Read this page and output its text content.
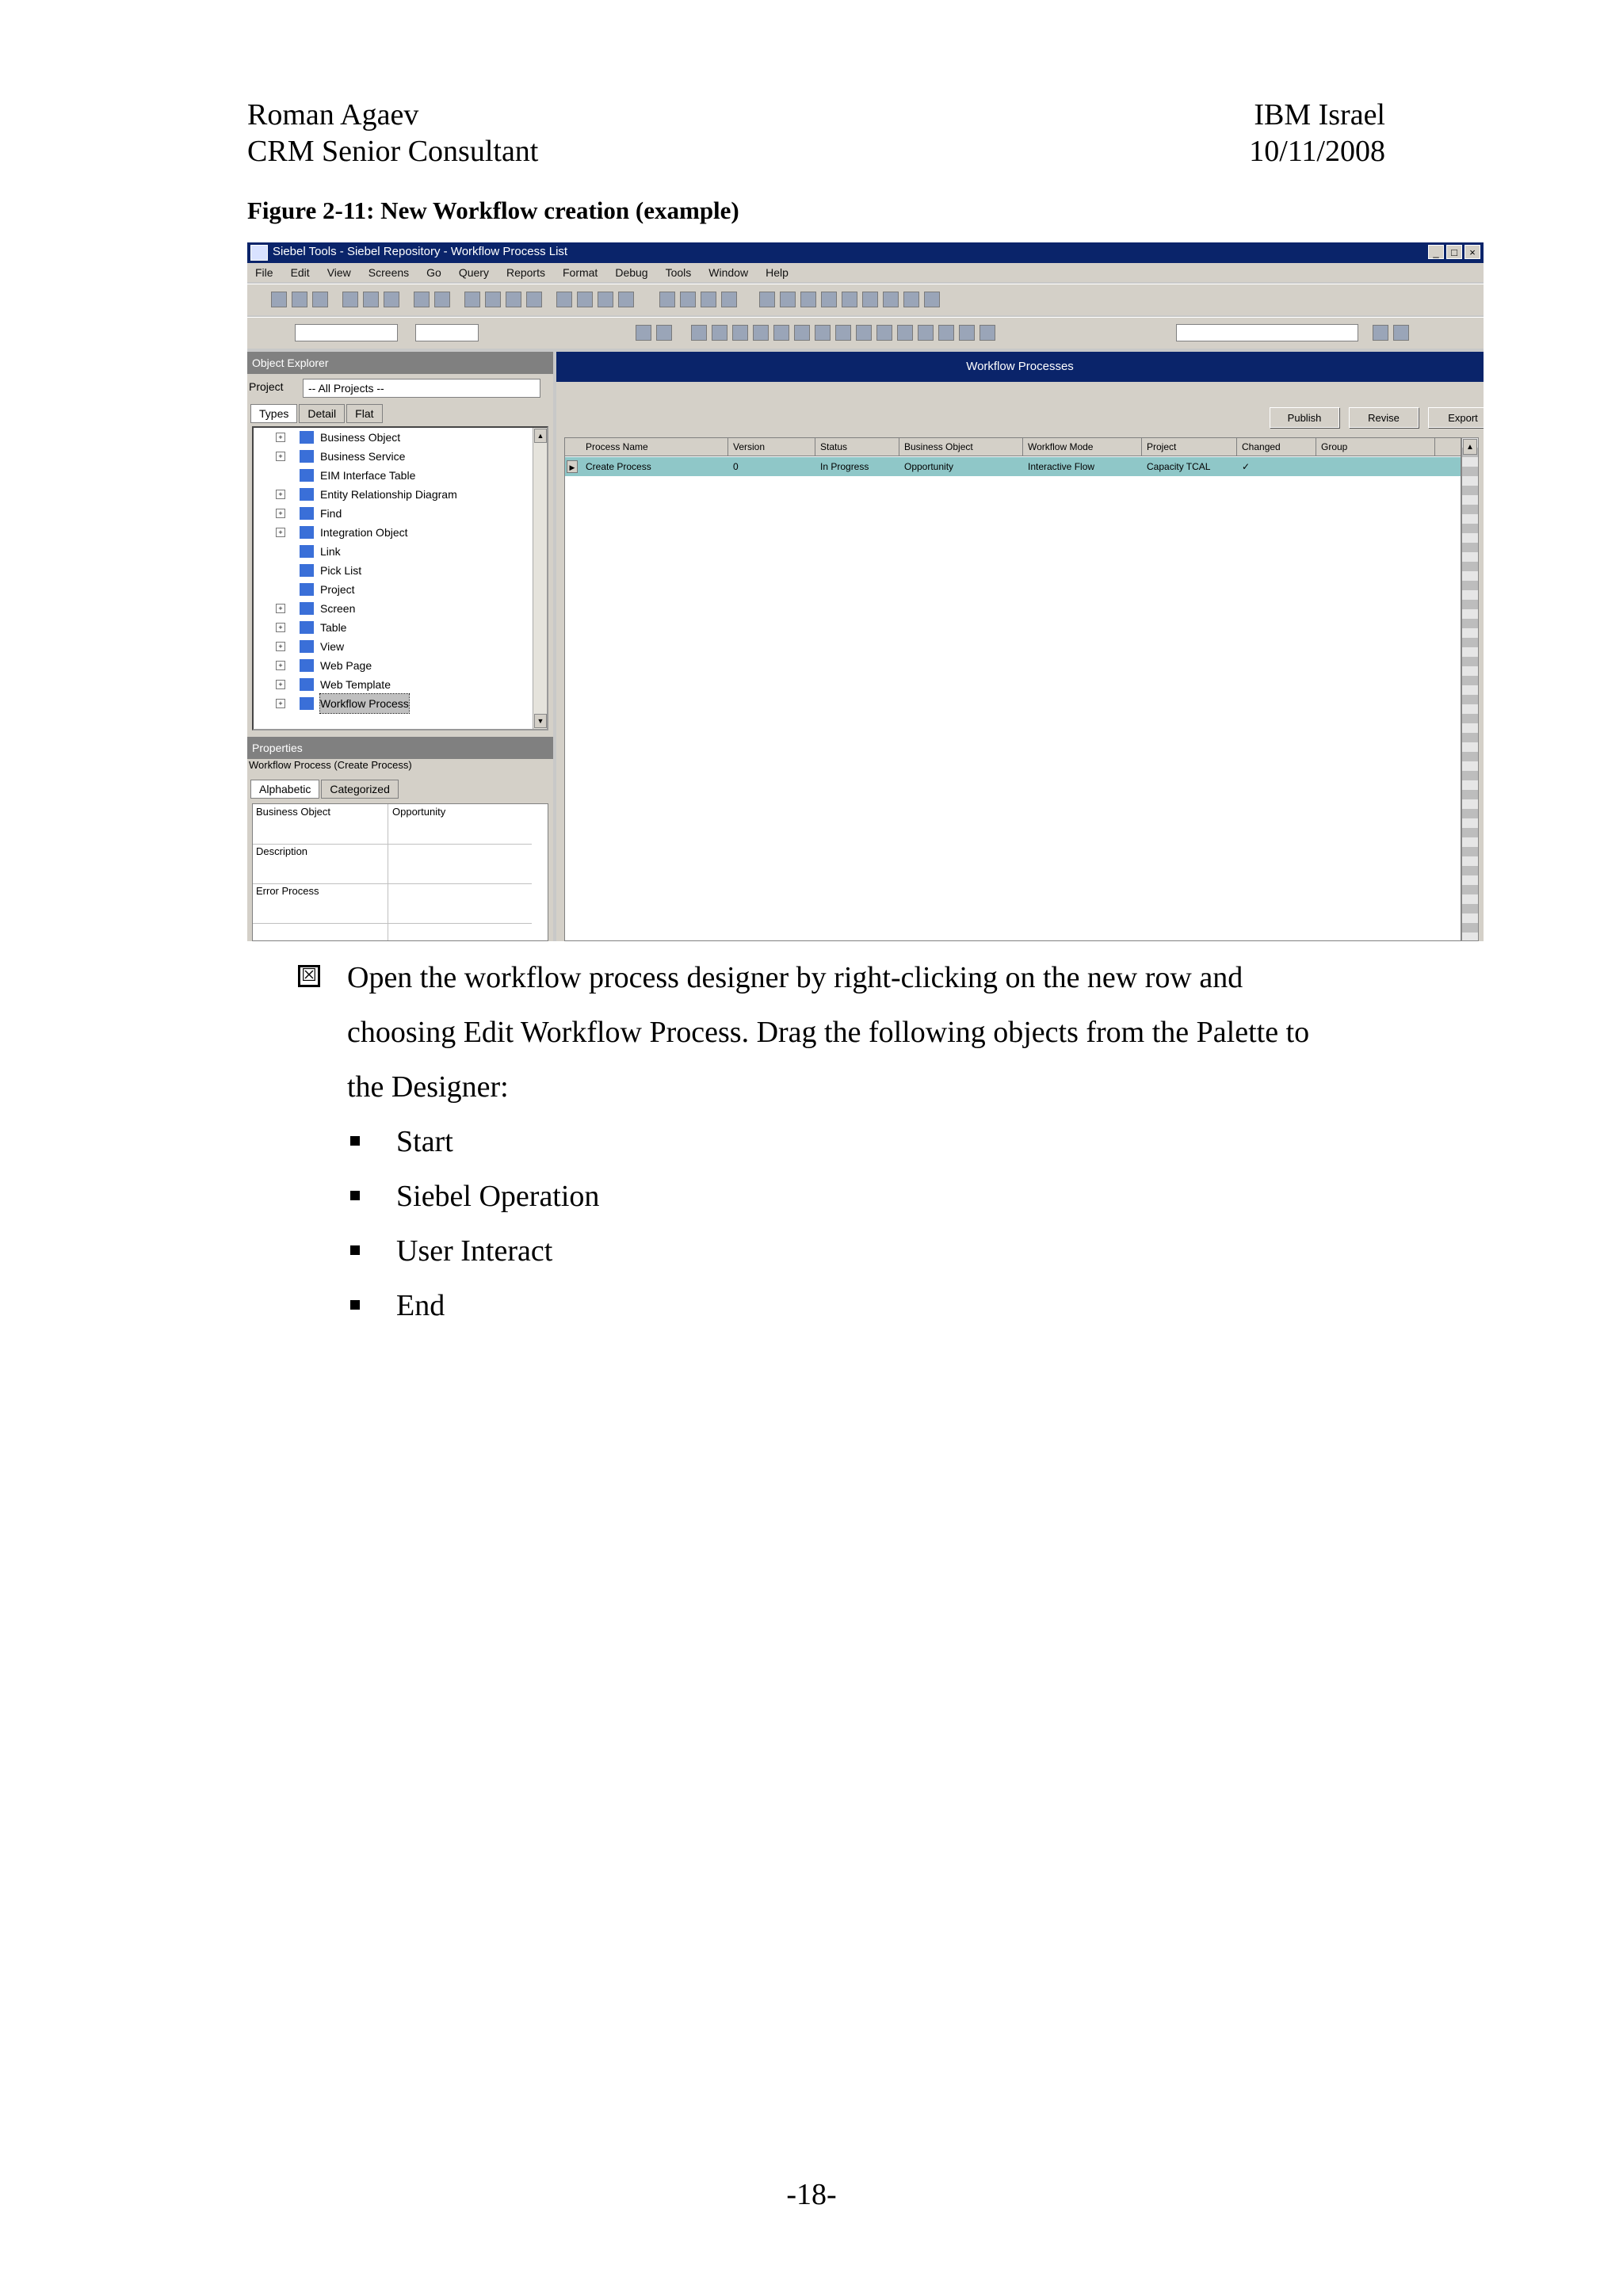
Roman Agaev
CRM Senior Consultant
IBM Israel
10/11/2008
Figure 2-11: New Workflow creation (example)
Siebel Tools - Siebel Repository - Workflow Process List	_	□	×
File Edit View Screens Go Query Reports Format Debug Tools Window Help
Object Explorer
Project	-- All Projects --
Types	Detail	Flat
+	Business Object
+	Business Service
EIM Interface Table
+	Entity Relationship Diagram
+	Find
+	Integration Object
Link
Pick List
Project
+	Screen
+	Table
+	View
+	Web Page
+	Web Template
+	Workflow Process
▲
▼
Properties
Workflow Process (Create Process)
Alphabetic	Categorized
Business Object	Opportunity
Description
Error Process
Workflow Processes
Publish	Revise	Export
Process Name	Version	Status	Business Object	Workflow Mode	Project	Changed	Group
▶	Create Process	0	In Progress	Opportunity	Interactive Flow	Capacity TCAL	✓
▲
☒ Open the workflow process designer by right-clicking on the new row and
choosing Edit Workflow Process. Drag the following objects from the Palette to
the Designer:
Start
Siebel Operation
User Interact
End
-18-
